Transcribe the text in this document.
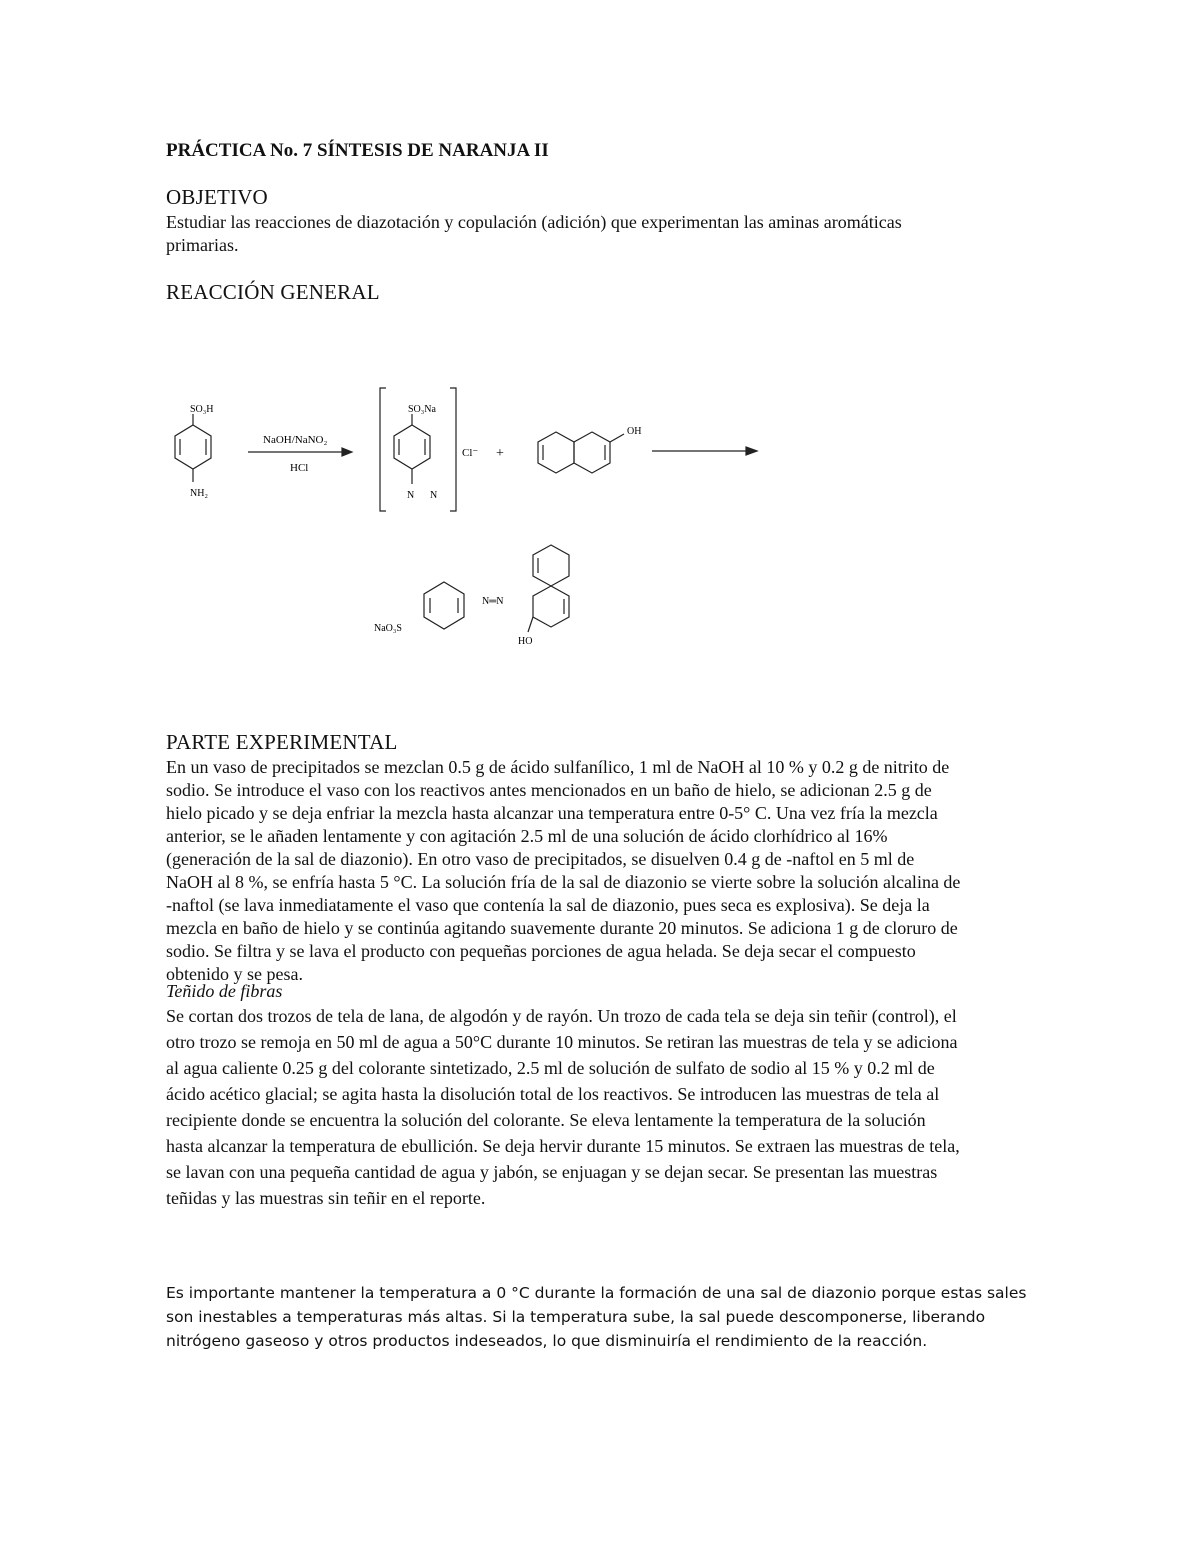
PRÁCTICA No. 7 SÍNTESIS DE NARANJA II
OBJETIVO
Estudiar las reacciones de diazotación y copulación (adición) que experimentan las aminas aromáticas
primarias.
REACCIÓN GENERAL
SO₃H
NH₂
NaOH/NaNO₂
HCl
SO₃Na
N N
Cl⁻ +
OH
NaO₃S
N═N
HO
PARTE EXPERIMENTAL
En un vaso de precipitados se mezclan 0.5 g de ácido sulfanílico, 1 ml de NaOH al 10 % y 0.2 g de nitrito de
sodio. Se introduce el vaso con los reactivos antes mencionados en un baño de hielo, se adicionan 2.5 g de
hielo picado y se deja enfriar la mezcla hasta alcanzar una temperatura entre 0-5° C. Una vez fría la mezcla
anterior, se le añaden lentamente y con agitación 2.5 ml de una solución de ácido clorhídrico al 16%
(generación de la sal de diazonio). En otro vaso de precipitados, se disuelven 0.4 g de -naftol en 5 ml de
NaOH al 8 %, se enfría hasta 5 °C. La solución fría de la sal de diazonio se vierte sobre la solución alcalina de
-naftol (se lava inmediatamente el vaso que contenía la sal de diazonio, pues seca es explosiva). Se deja la
mezcla en baño de hielo y se continúa agitando suavemente durante 20 minutos. Se adiciona 1 g de cloruro de
sodio. Se filtra y se lava el producto con pequeñas porciones de agua helada. Se deja secar el compuesto
obtenido y se pesa.
Teñido de fibras
Se cortan dos trozos de tela de lana, de algodón y de rayón. Un trozo de cada tela se deja sin teñir (control), el
otro trozo se remoja en 50 ml de agua a 50°C durante 10 minutos. Se retiran las muestras de tela y se adiciona
al agua caliente 0.25 g del colorante sintetizado, 2.5 ml de solución de sulfato de sodio al 15 % y 0.2 ml de
ácido acético glacial; se agita hasta la disolución total de los reactivos. Se introducen las muestras de tela al
recipiente donde se encuentra la solución del colorante. Se eleva lentamente la temperatura de la solución
hasta alcanzar la temperatura de ebullición. Se deja hervir durante 15 minutos. Se extraen las muestras de tela,
se lavan con una pequeña cantidad de agua y jabón, se enjuagan y se dejan secar. Se presentan las muestras
teñidas y las muestras sin teñir en el reporte.
Es importante mantener la temperatura a 0 °C durante la formación de una sal de diazonio porque estas sales
son inestables a temperaturas más altas. Si la temperatura sube, la sal puede descomponerse, liberando
nitrógeno gaseoso y otros productos indeseados, lo que disminuiría el rendimiento de la reacción.
